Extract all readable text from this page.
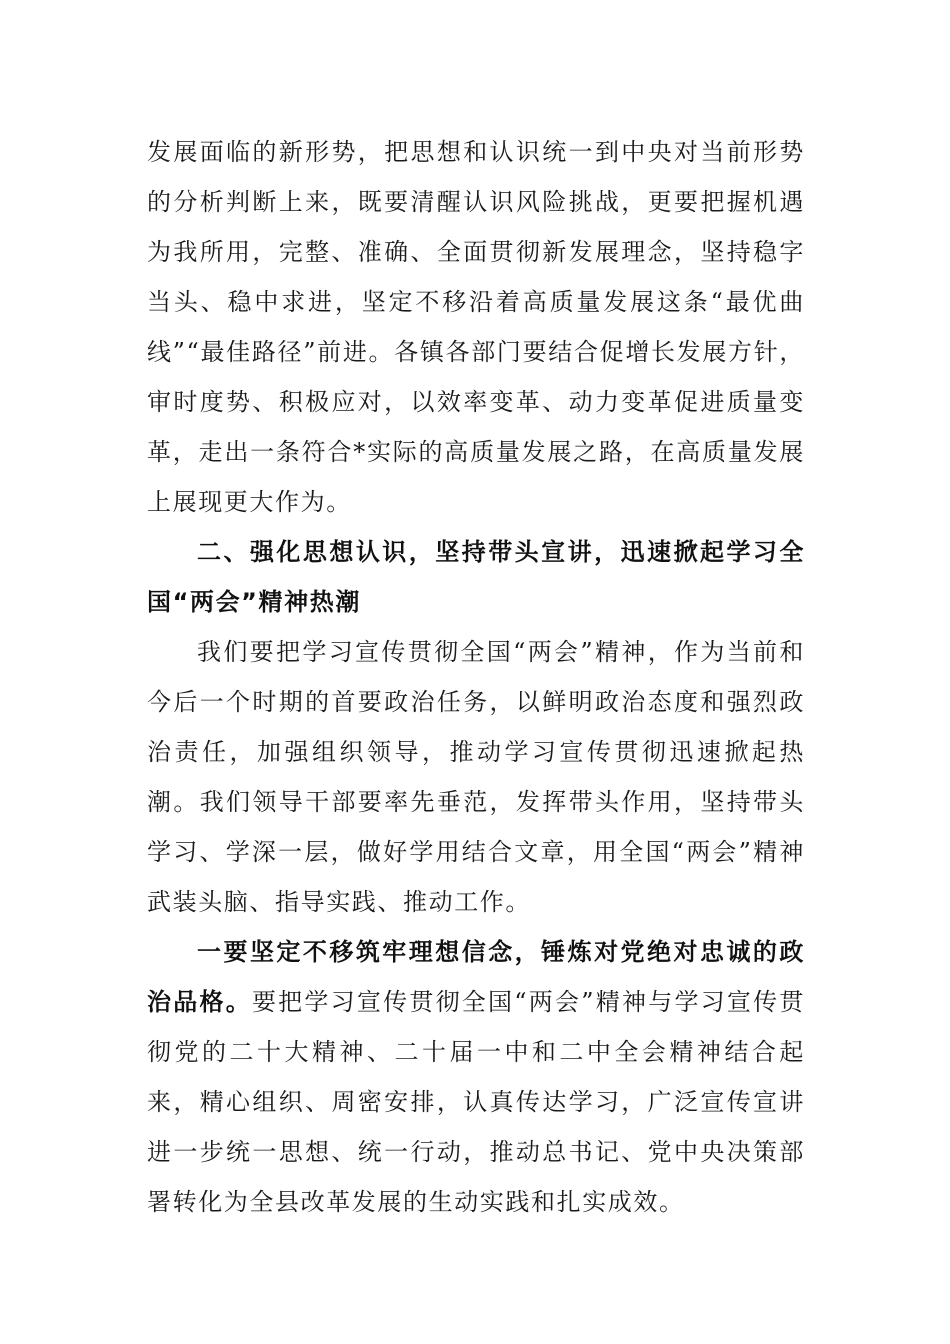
发展面临的新形势，把思想和认识统一到中央对当前形势的分析判断上来，既要清醒认识风险挑战，更要把握机遇为我所用，完整、准确、全面贯彻新发展理念，坚持稳字当头、稳中求进，坚定不移沿着高质量发展这条“最优曲线”“最佳路径”前进。各镇各部门要结合促增长发展方针，审时度势、积极应对，以效率变革、动力变革促进质量变革，走出一条符合*实际的高质量发展之路，在高质量发展上展现更大作为。

二、强化思想认识，坚持带头宣讲，迅速掀起学习全国“两会”精神热潮

我们要把学习宣传贯彻全国“两会”精神，作为当前和今后一个时期的首要政治任务，以鲜明政治态度和强烈政治责任，加强组织领导，推动学习宣传贯彻迅速掀起热潮。我们领导干部要率先垂范，发挥带头作用，坚持带头学习、学深一层，做好学用结合文章，用全国“两会”精神武装头脑、指导实践、推动工作。

一要坚定不移筑牢理想信念，锤炼对党绝对忠诚的政治品格。要把学习宣传贯彻全国“两会”精神与学习宣传贯彻党的二十大精神、二十届一中和二中全会精神结合起来，精心组织、周密安排，认真传达学习，广泛宣传宣讲进一步统一思想、统一行动，推动总书记、党中央决策部署转化为全县改革发展的生动实践和扎实成效。
